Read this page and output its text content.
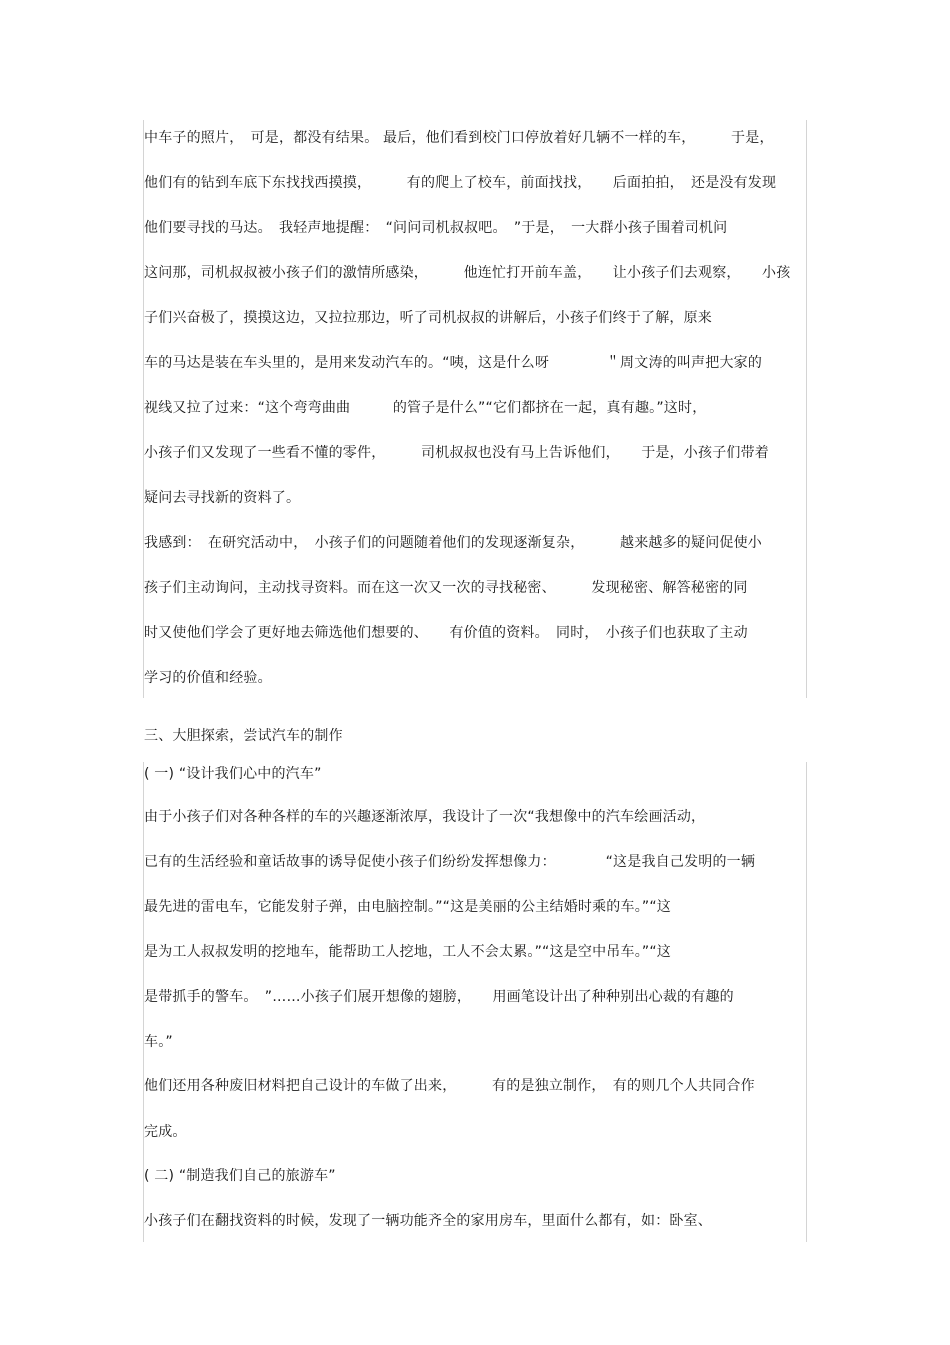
中车子的照片，　可是，都没有结果。 最后，他们看到校门口停放着好几辆不一样的车，　　　于是，
他们有的钻到车底下东找找西摸摸，　　　有的爬上了校车，前面找找，　　后面拍拍，　还是没有发现
他们要寻找的马达。　我轻声地提醒：　“问问司机叔叔吧。　”于是，　一大群小孩子围着司机问
这问那，司机叔叔被小孩子们的激情所感染，　　　他连忙打开前车盖，　　让小孩子们去观察，　　小孩
子们兴奋极了，摸摸这边，又拉拉那边，听了司机叔叔的讲解后，小孩子们终于了解，原来
车的马达是装在车头里的，是用来发动汽车的。“咦，这是什么呀　　　　＂周文涛的叫声把大家的
视线又拉了过来：“这个弯弯曲曲　　　的管子是什么”“它们都挤在一起，真有趣。”这时，
小孩子们又发现了一些看不懂的零件，　　　司机叔叔也没有马上告诉他们，　　于是，小孩子们带着
疑问去寻找新的资料了。
我感到：　在研究活动中，　小孩子们的问题随着他们的发现逐渐复杂，　　　越来越多的疑问促使小
孩子们主动询问，主动找寻资料。而在这一次又一次的寻找秘密、　　　发现秘密、解答秘密的同
时又使他们学会了更好地去筛选他们想要的、　　有价值的资料。　同时，　小孩子们也获取了主动
学习的价值和经验。
三、大胆探索，尝试汽车的制作
( 一) “设计我们心中的汽车”
由于小孩子们对各种各样的车的兴趣逐渐浓厚，我设计了一次“我想像中的汽车绘画活动，
已有的生活经验和童话故事的诱导促使小孩子们纷纷发挥想像力：　　　　“这是我自己发明的一辆
最先进的雷电车，它能发射子弹，由电脑控制。”“这是美丽的公主结婚时乘的车。”“这
是为工人叔叔发明的挖地车，能帮助工人挖地，工人不会太累。”“这是空中吊车。”“这
是带抓手的警车。　”……小孩子们展开想像的翅膀，　　用画笔设计出了种种别出心裁的有趣的
车。”
他们还用各种废旧材料把自己设计的车做了出来，　　　有的是独立制作，　有的则几个人共同合作
完成。
( 二) “制造我们自己的旅游车”
小孩子们在翻找资料的时候，发现了一辆功能齐全的家用房车，里面什么都有，如：卧室、
